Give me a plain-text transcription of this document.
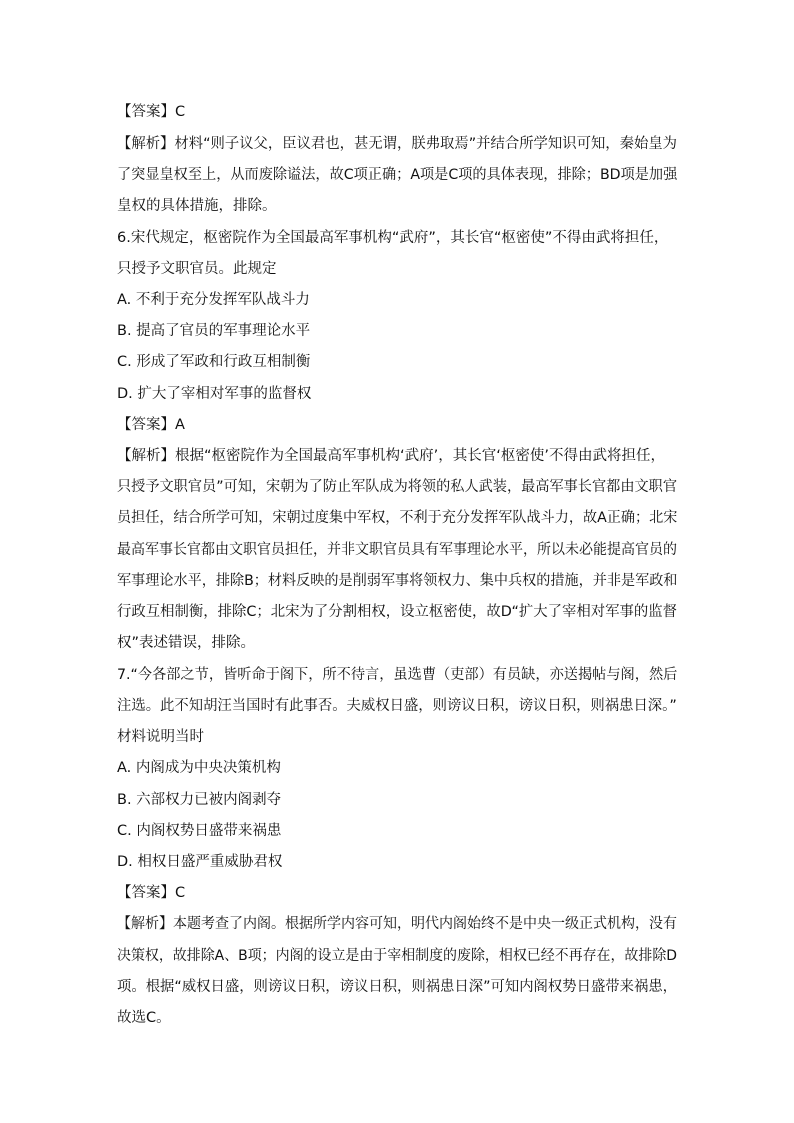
【答案】C
【解析】材料“则子议父，臣议君也，甚无谓，朕弗取焉”并结合所学知识可知，秦始皇为
了突显皇权至上，从而废除谥法，故C项正确；A项是C项的具体表现，排除；BD项是加强
皇权的具体措施，排除。
6.宋代规定，枢密院作为全国最高军事机构“武府”，其长官“枢密使”不得由武将担任，
只授予文职官员。此规定
A. 不利于充分发挥军队战斗力
B. 提高了官员的军事理论水平
C. 形成了军政和行政互相制衡
D. 扩大了宰相对军事的监督权
【答案】A
【解析】根据“枢密院作为全国最高军事机构‘武府’，其长官‘枢密使’不得由武将担任，
只授予文职官员”可知，宋朝为了防止军队成为将领的私人武装，最高军事长官都由文职官
员担任，结合所学可知，宋朝过度集中军权，不利于充分发挥军队战斗力，故A正确；北宋
最高军事长官都由文职官员担任，并非文职官员具有军事理论水平，所以未必能提高官员的
军事理论水平，排除B；材料反映的是削弱军事将领权力、集中兵权的措施，并非是军政和
行政互相制衡，排除C；北宋为了分割相权，设立枢密使，故D“扩大了宰相对军事的监督
权”表述错误，排除。
7.“今各部之节，皆听命于阁下，所不待言，虽选曹（吏部）有员缺，亦送揭帖与阁，然后
注选。此不知胡汪当国时有此事否。夫威权日盛，则谤议日积，谤议日积，则祸患日深。”
材料说明当时
A. 内阁成为中央决策机构
B. 六部权力已被内阁剥夺
C. 内阁权势日盛带来祸患
D. 相权日盛严重威胁君权
【答案】C
【解析】本题考查了内阁。根据所学内容可知，明代内阁始终不是中央一级正式机构，没有
决策权，故排除A、B项；内阁的设立是由于宰相制度的废除，相权已经不再存在，故排除D
项。根据“威权日盛，则谤议日积，谤议日积，则祸患日深”可知内阁权势日盛带来祸患，
故选C。
